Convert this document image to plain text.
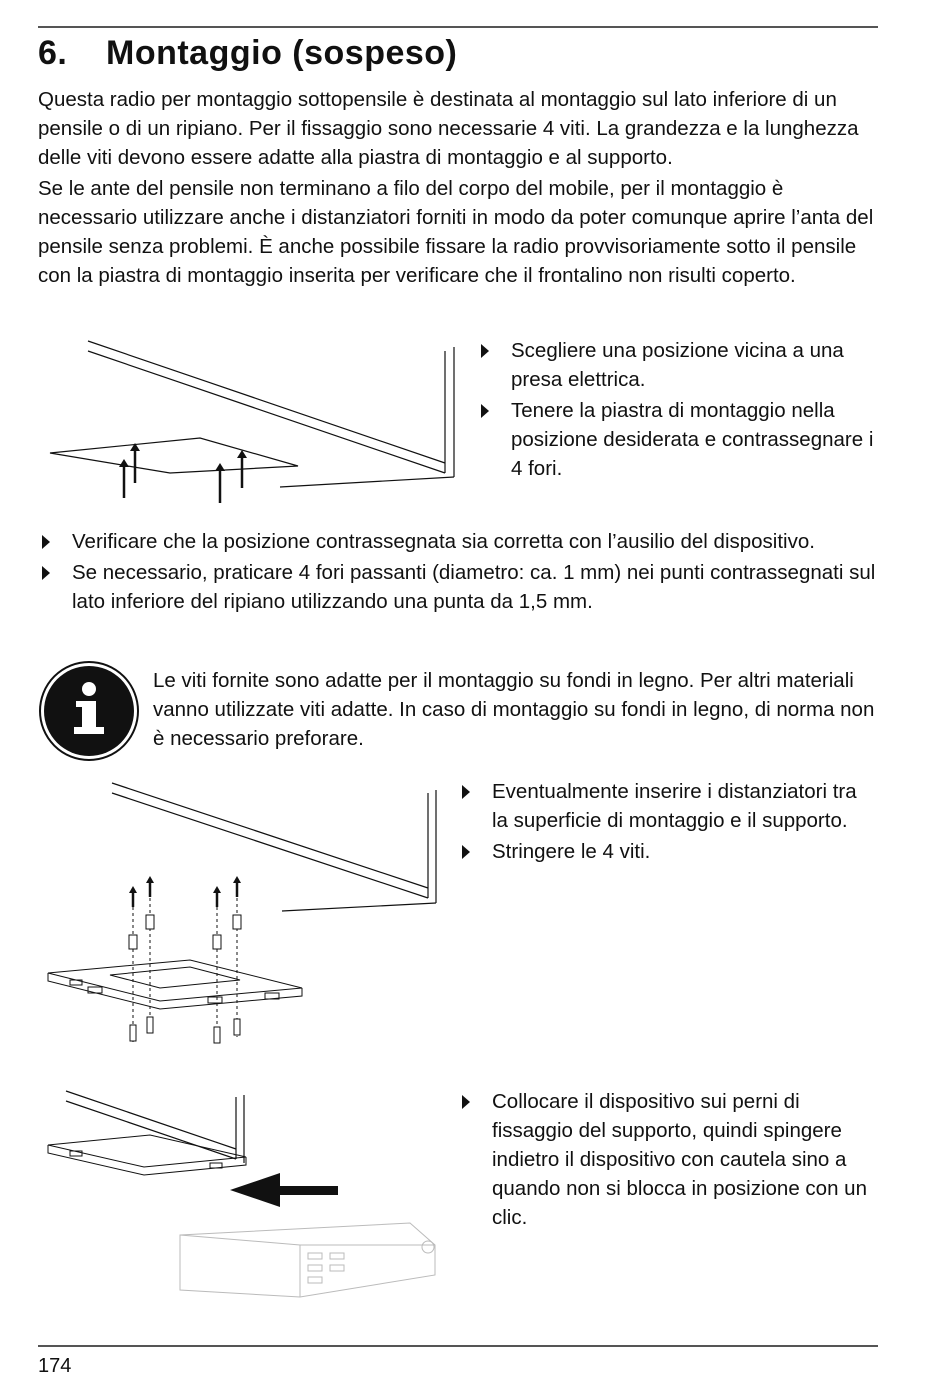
6. Montaggio (sospeso)

Questa radio per montaggio sottopensile è destinata al montaggio sul lato inferiore di un pensile o di un ripiano. Per il fissaggio sono necessarie 4 viti. La grandezza e la lunghezza delle viti devono essere adatte alla piastra di montaggio e al supporto.

Se le ante del pensile non terminano a filo del corpo del mobile, per il montaggio è necessario utilizzare anche i distanziatori forniti in modo da poter comunque aprire l’anta del pensile senza problemi. È anche possibile fissare la radio provvisoriamente sotto il pensile con la piastra di montaggio inserita per verificare che il frontalino non risulti coperto.

Scegliere una posizione vicina a una presa elettrica.
Tenere la piastra di montaggio nella posizione desiderata e contrassegnare i 4 fori.
Verificare che la posizione contrassegnata sia corretta con l’ausilio del dispositivo.
Se necessario, praticare 4 fori passanti (diametro: ca. 1 mm) nei punti contrassegnati sul lato inferiore del ripiano utilizzando una punta da 1,5 mm.

Le viti fornite sono adatte per il montaggio su fondi in legno. Per altri materiali vanno utilizzate viti adatte. In caso di montaggio su fondi in legno, di norma non è necessario preforare.

Eventualmente inserire i distanziatori tra la superficie di montaggio e il supporto.
Stringere le 4 viti.
Collocare il dispositivo sui perni di fissaggio del supporto, quindi spingere indietro il dispositivo con cautela sino a quando non si blocca in posizione con un clic.
174
